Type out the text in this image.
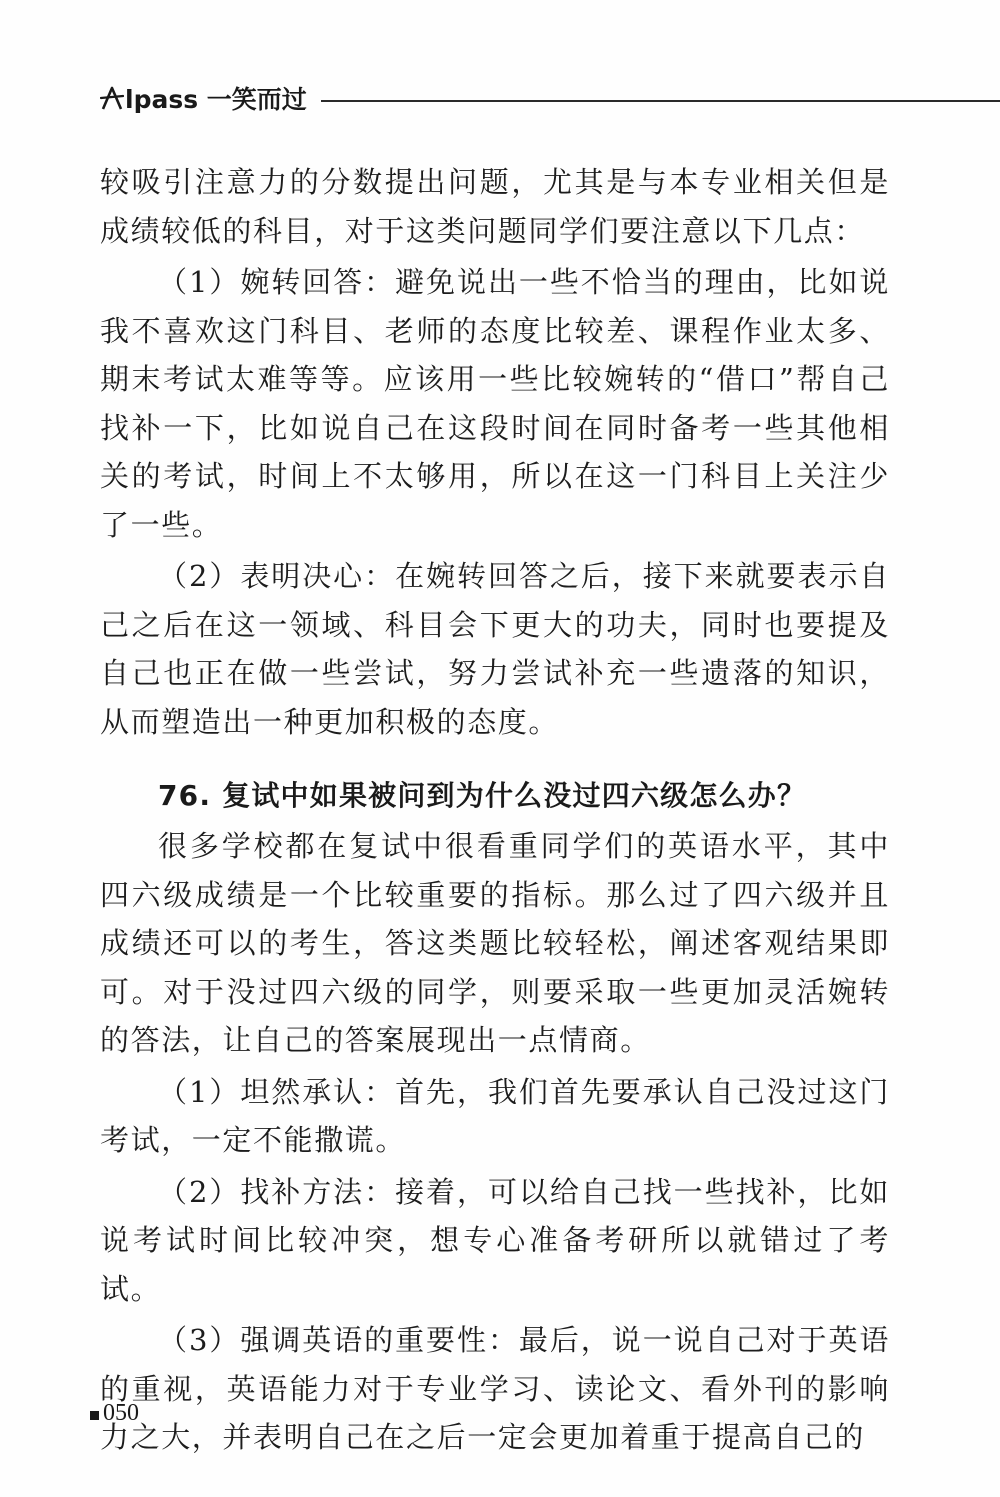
lpass 一笑而过

较吸引注意力的分数提出问题，尤其是与本专业相关但是成绩较低的科目，对于这类问题同学们要注意以下几点：

（1）婉转回答：避免说出一些不恰当的理由，比如说我不喜欢这门科目、老师的态度比较差、课程作业太多、期末考试太难等等。应该用一些比较婉转的“借口”帮自己找补一下，比如说自己在这段时间在同时备考一些其他相关的考试，时间上不太够用，所以在这一门科目上关注少了一些。

（2）表明决心：在婉转回答之后，接下来就要表示自己之后在这一领域、科目会下更大的功夫，同时也要提及自己也正在做一些尝试，努力尝试补充一些遗落的知识，从而塑造出一种更加积极的态度。

76. 复试中如果被问到为什么没过四六级怎么办？

很多学校都在复试中很看重同学们的英语水平，其中四六级成绩是一个比较重要的指标。那么过了四六级并且成绩还可以的考生，答这类题比较轻松，阐述客观结果即可。对于没过四六级的同学，则要采取一些更加灵活婉转的答法，让自己的答案展现出一点情商。

（1）坦然承认：首先，我们首先要承认自己没过这门考试，一定不能撒谎。

（2）找补方法：接着，可以给自己找一些找补，比如说考试时间比较冲突，想专心准备考研所以就错过了考试。

（3）强调英语的重要性：最后，说一说自己对于英语的重视，英语能力对于专业学习、读论文、看外刊的影响力之大，并表明自己在之后一定会更加着重于提高自己的

050
